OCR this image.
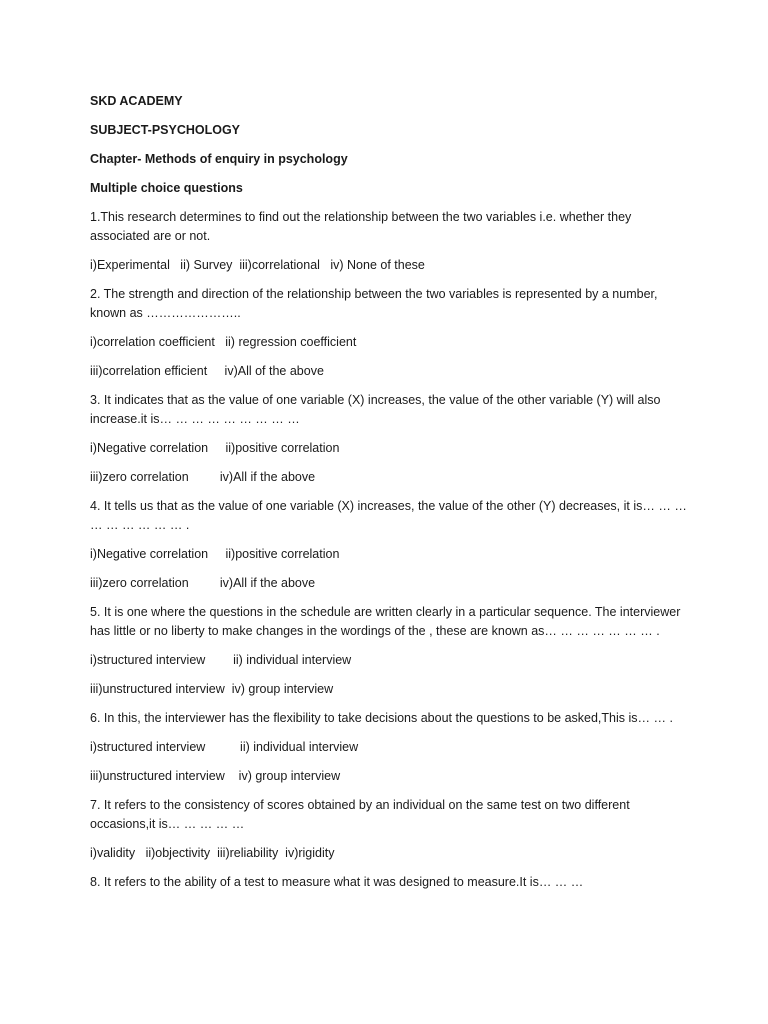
SKD ACADEMY

SUBJECT-PSYCHOLOGY

Chapter- Methods of enquiry in psychology

Multiple choice questions

1.This research determines to find out the relationship between the two variables i.e. whether they associated are or not.

i)Experimental   ii) Survey  iii)correlational   iv) None of these

2. The strength and direction of the relationship between the two variables is represented by a number, known as …………………..

i)correlation coefficient   ii) regression coefficient

iii)correlation efficient     iv)All of the above

3. It indicates that as the value of one variable (X) increases, the value of the other variable (Y) will also increase.it is… … … … … … … … …

i)Negative correlation     ii)positive correlation

iii)zero correlation         iv)All if the above

4. It tells us that as the value of one variable (X) increases, the value of the other (Y) decreases, it is… … … … … … … … … .

i)Negative correlation     ii)positive correlation

iii)zero correlation         iv)All if the above

5. It is one where the questions in the schedule are written clearly in a particular sequence. The interviewer has little or no liberty to make changes in the wordings of the , these are known as… … … … … … … .

i)structured interview        ii) individual interview

iii)unstructured interview  iv) group interview

6. In this, the interviewer has the flexibility to take decisions about the questions to be asked,This is… … .

i)structured interview          ii) individual interview

iii)unstructured interview    iv) group interview

7. It refers to the consistency of scores obtained by an individual on the same test on two different occasions,it is… … … … …

i)validity   ii)objectivity  iii)reliability  iv)rigidity

8. It refers to the ability of a test to measure what it was designed to measure.It is… … …
